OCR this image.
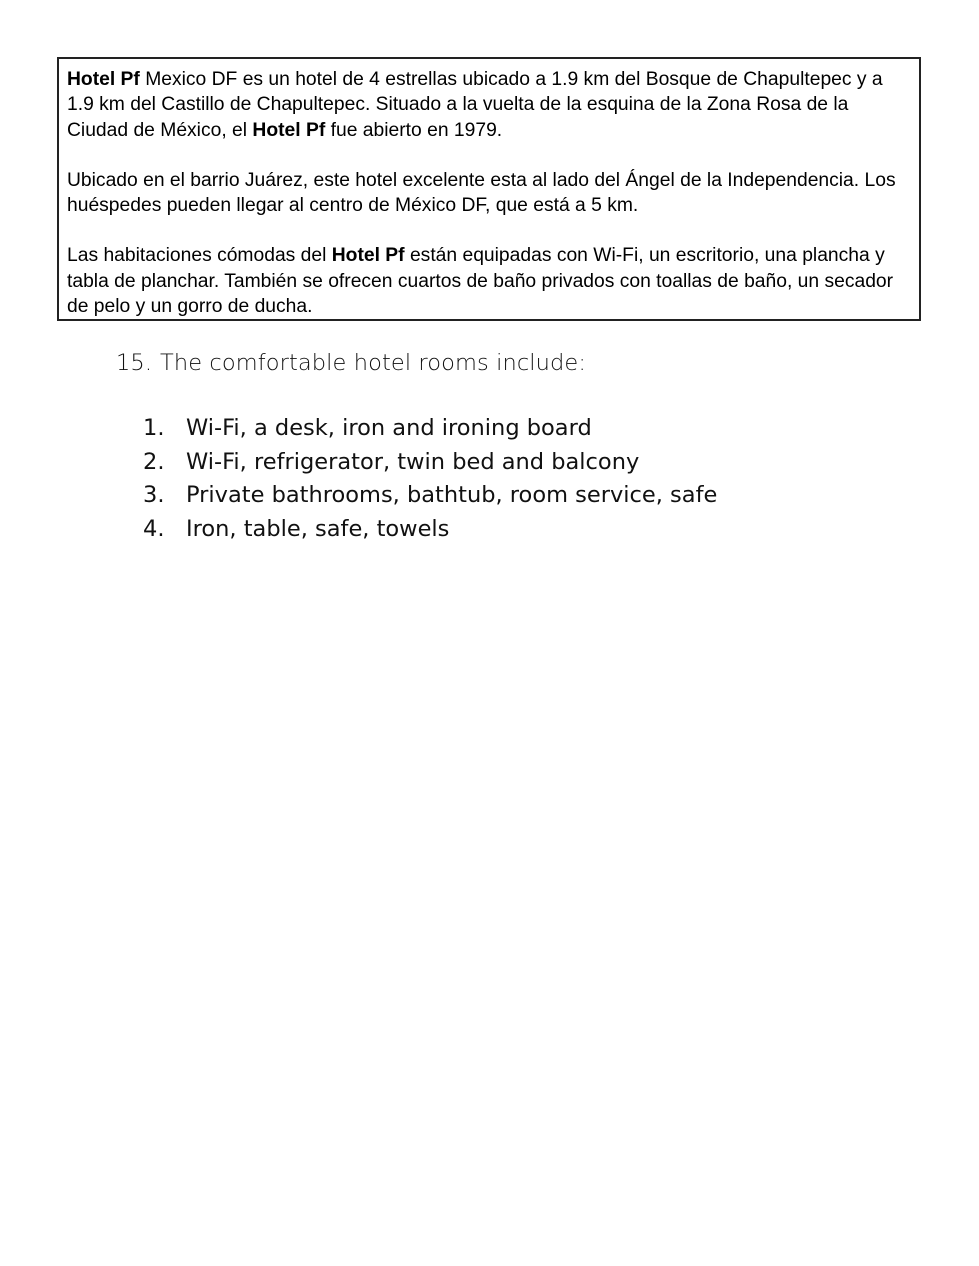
Hotel Pf Mexico DF es un hotel de 4 estrellas ubicado a 1.9 km del Bosque de Chapultepec y a 1.9 km del Castillo de Chapultepec. Situado a la vuelta de la esquina de la Zona Rosa de la Ciudad de México, el Hotel Pf fue abierto en 1979.

Ubicado en el barrio Juárez, este hotel excelente esta al lado del Ángel de la Independencia. Los huéspedes pueden llegar al centro de México DF, que está a 5 km.

Las habitaciones cómodas del Hotel Pf están equipadas con Wi-Fi, un escritorio, una plancha y tabla de planchar. También se ofrecen cuartos de baño privados con toallas de baño, un secador de pelo y un gorro de ducha.

15. The comfortable hotel rooms include:
1. Wi-Fi, a desk, iron and ironing board
2. Wi-Fi, refrigerator, twin bed and balcony
3. Private bathrooms, bathtub, room service, safe
4. Iron, table, safe, towels
